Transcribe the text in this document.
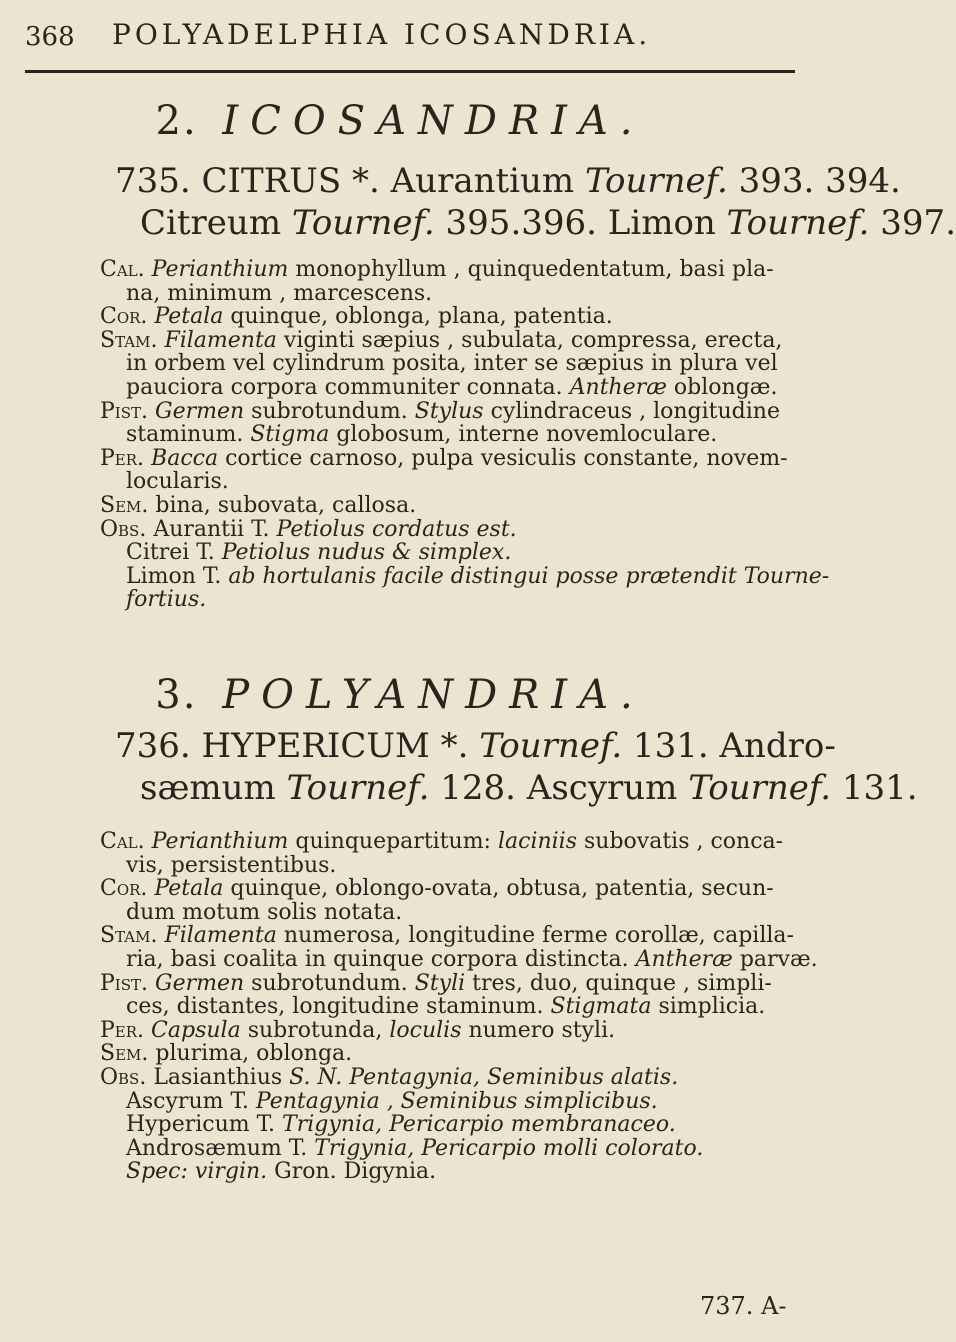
368 POLYADELPHIA ICOSANDRIA.
2. ICOSANDRIA.
735. CITRUS *. Aurantium Tournef. 393. 394.
Citreum Tournef. 395.396. Limon Tournef. 397.
Cal. Perianthium monophyllum , quinquedentatum, basi pla-
na, minimum , marcescens.
Cor. Petala quinque, oblonga, plana, patentia.
Stam. Filamenta viginti sæpius , subulata, compressa, erecta,
in orbem vel cylindrum posita, inter se sæpius in plura vel
pauciora corpora communiter connata. Antheræ oblongæ.
Pist. Germen subrotundum. Stylus cylindraceus , longitudine
staminum. Stigma globosum, interne novemloculare.
Per. Bacca cortice carnoso, pulpa vesiculis constante, novem-
locularis.
Sem. bina, subovata, callosa.
Obs. Aurantii T. Petiolus cordatus est.
Citrei T. Petiolus nudus & simplex.
Limon T. ab hortulanis facile distingui posse prætendit Tourne-
fortius.
3. POLYANDRIA.
736. HYPERICUM *. Tournef. 131. Andro-
sæmum Tournef. 128. Ascyrum Tournef. 131.
Cal. Perianthium quinquepartitum: laciniis subovatis , conca-
vis, persistentibus.
Cor. Petala quinque, oblongo-ovata, obtusa, patentia, secun-
dum motum solis notata.
Stam. Filamenta numerosa, longitudine ferme corollæ, capilla-
ria, basi coalita in quinque corpora distincta. Antheræ parvæ.
Pist. Germen subrotundum. Styli tres, duo, quinque , simpli-
ces, distantes, longitudine staminum. Stigmata simplicia.
Per. Capsula subrotunda, loculis numero styli.
Sem. plurima, oblonga.
Obs. Lasianthius S. N. Pentagynia, Seminibus alatis.
Ascyrum T. Pentagynia , Seminibus simplicibus.
Hypericum T. Trigynia, Pericarpio membranaceo.
Androsæmum T. Trigynia, Pericarpio molli colorato.
Spec: virgin. Gron. Digynia.
737. A-
